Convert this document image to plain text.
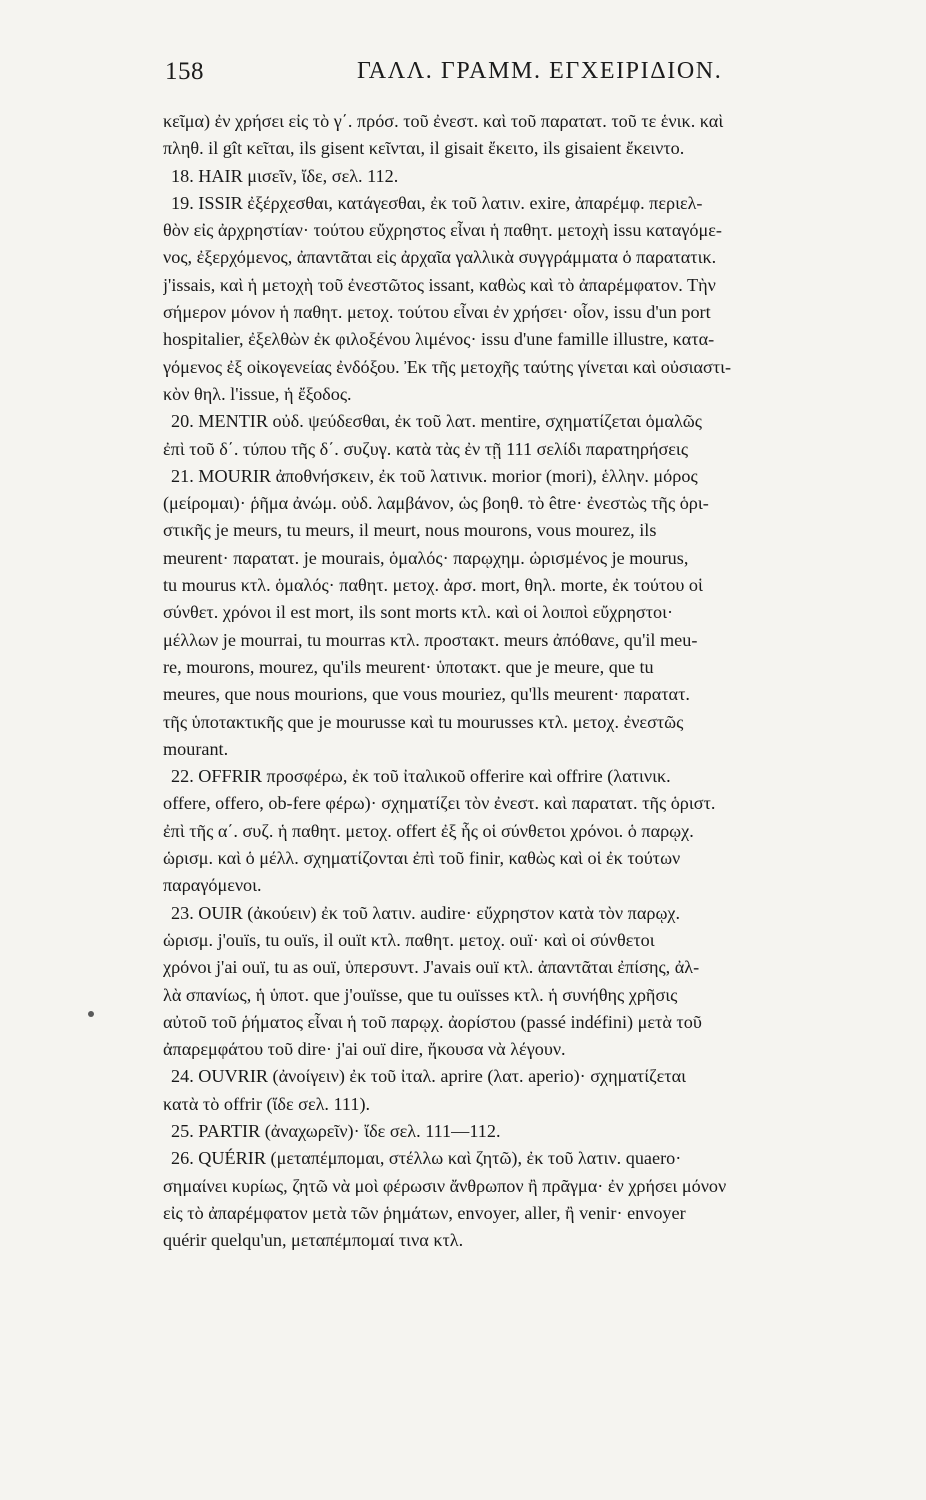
158	ΓΑΛΛ. ΓΡΑΜΜ. ΕΓΧΕΙΡΙΔΙΟΝ.
κεῖμα) ἐν χρήσει εἰς τὸ γ΄. πρόσ. τοῦ ἐνεστ. καὶ τοῦ παρατατ. τοῦ τε ἑνικ. καὶ
πληθ. il gît κεῖται, ils gisent κεῖνται, il gisait ἔκειτο, ils gisaient ἔκειντο.
18. HAIR μισεῖν, ἴδε, σελ. 112.
19. ISSIR ἐξέρχεσθαι, κατάγεσθαι, ἐκ τοῦ λατιν. exire, ἀπαρέμφ. περιελ-
θὸν εἰς ἀρχρηστίαν· τούτου εὔχρηστος εἶναι ἡ παθητ. μετοχὴ issu καταγόμε-
νος, ἐξερχόμενος, ἀπαντᾶται εἰς ἀρχαῖα γαλλικὰ συγγράμματα ὁ παρατατικ.
j'issais, καὶ ἡ μετοχὴ τοῦ ἐνεστῶτος issant, καθὼς καὶ τὸ ἀπαρέμφατον. Τὴν
σήμερον μόνον ἡ παθητ. μετοχ. τούτου εἶναι ἐν χρήσει· οἷον, issu d'un port
hospitalier, ἐξελθὼν ἐκ φιλοξένου λιμένος· issu d'une famille illustre, κατα-
γόμενος ἐξ οἰκογενείας ἐνδόξου. Ἐκ τῆς μετοχῆς ταύτης γίνεται καὶ οὐσιαστι-
κὸν θηλ. l'issue, ἡ ἔξοδος.
20. MENTIR οὐδ. ψεύδεσθαι, ἐκ τοῦ λατ. mentire, σχηματίζεται ὁμαλῶς
ἐπὶ τοῦ δ΄. τύπου τῆς δ΄. συζυγ. κατὰ τὰς ἐν τῇ 111 σελίδι παρατηρήσεις
21. MOURIR ἀποθνήσκειν, ἐκ τοῦ λατινικ. morior (mori), ἑλλην. μόρος
(μείρομαι)· ῥῆμα ἀνώμ. οὐδ. λαμβάνον, ὡς βοηθ. τὸ être· ἐνεστὼς τῆς ὁρι-
στικῆς je meurs, tu meurs, il meurt, nous mourons, vous mourez, ils
meurent· παρατατ. je mourais, ὁμαλός· παρῳχημ. ὡρισμένος je mourus,
tu mourus κτλ. ὁμαλός· παθητ. μετοχ. ἀρσ. mort, θηλ. morte, ἐκ τούτου οἱ
σύνθετ. χρόνοι il est mort, ils sont morts κτλ. καὶ οἱ λοιποὶ εὔχρηστοι·
μέλλων je mourrai, tu mourras κτλ. προστακτ. meurs ἀπόθανε, qu'il meu-
re, mourons, mourez, qu'ils meurent· ὑποτακτ. que je meure, que tu
meures, que nous mourions, que vous mouriez, qu'lls meurent· παρατατ.
τῆς ὑποτακτικῆς que je mourusse καὶ tu mourusses κτλ. μετοχ. ἐνεστῶς
mourant.
22. OFFRIR προσφέρω, ἐκ τοῦ ἰταλικοῦ offerire καὶ offrire (λατινικ.
offere, offero, ob-fere φέρω)· σχηματίζει τὸν ἐνεστ. καὶ παρατατ. τῆς ὁριστ.
ἐπὶ τῆς α΄. συζ. ἡ παθητ. μετοχ. offert ἐξ ἧς οἱ σύνθετοι χρόνοι. ὁ παρῳχ.
ὡρισμ. καὶ ὁ μέλλ. σχηματίζονται ἐπὶ τοῦ finir, καθὼς καὶ οἱ ἐκ τούτων
παραγόμενοι.
23. OUIR (ἀκούειν) ἐκ τοῦ λατιν. audire· εὔχρηστον κατὰ τὸν παρῳχ.
ὡρισμ. j'ouïs, tu ouïs, il ouït κτλ. παθητ. μετοχ. ouï· καὶ οἱ σύνθετοι
χρόνοι j'ai ouï, tu as ouï, ὑπερσυντ. J'avais ouï κτλ. ἀπαντᾶται ἐπίσης, ἀλ-
λὰ σπανίως, ἡ ὑποτ. que j'ouïsse, que tu ouïsses κτλ. ἡ συνήθης χρῆσις
αὐτοῦ τοῦ ῥήματος εἶναι ἡ τοῦ παρῳχ. ἀορίστου (passé indéfini) μετὰ τοῦ
ἀπαρεμφάτου τοῦ dire· j'ai ouï dire, ἤκουσα νὰ λέγουν.
24. OUVRIR (ἀνοίγειν) ἐκ τοῦ ἰταλ. aprire (λατ. aperio)· σχηματίζεται
κατὰ τὸ offrir (ἴδε σελ. 111).
25. PARTIR (ἀναχωρεῖν)· ἴδε σελ. 111—112.
26. QUÉRIR (μεταπέμπομαι, στέλλω καὶ ζητῶ), ἐκ τοῦ λατιν. quaero·
σημαίνει κυρίως, ζητῶ νὰ μοὶ φέρωσιν ἄνθρωπον ἢ πρᾶγμα· ἐν χρήσει μόνον
εἰς τὸ ἀπαρέμφατον μετὰ τῶν ῥημάτων, envoyer, aller, ἢ venir· envoyer
quérir quelqu'un, μεταπέμπομαί τινα κτλ.
